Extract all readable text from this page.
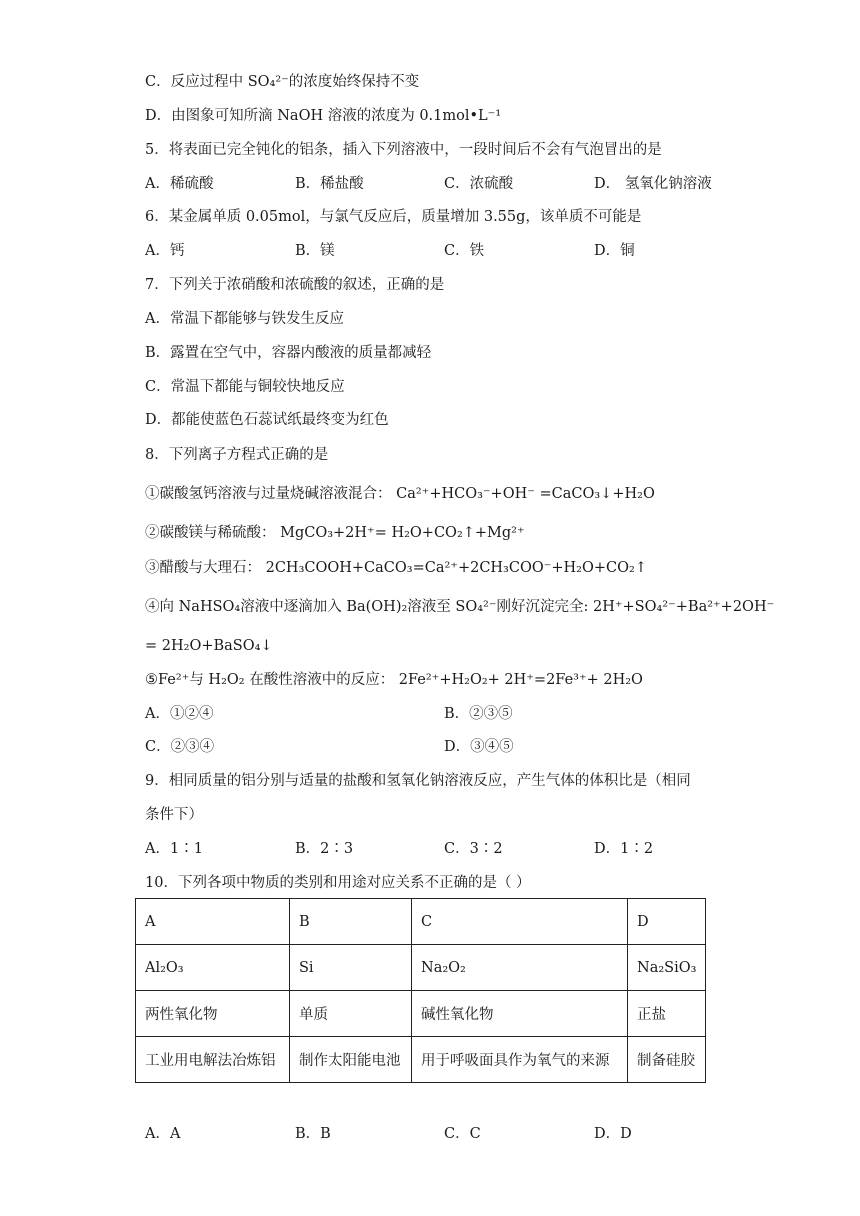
C．反应过程中 SO₄²⁻的浓度始终保持不变
D．由图象可知所滴 NaOH 溶液的浓度为 0.1mol•L⁻¹
5．将表面已完全钝化的铝条，插入下列溶液中，一段时间后不会有气泡冒出的是
A．稀硫酸	B．稀盐酸	C．浓硫酸	D． 氢氧化钠溶液
6．某金属单质 0.05mol，与氯气反应后，质量增加 3.55g，该单质不可能是
A．钙	B．镁	C．铁	D．铜
7．下列关于浓硝酸和浓硫酸的叙述，正确的是
A．常温下都能够与铁发生反应
B．露置在空气中，容器内酸液的质量都减轻
C．常温下都能与铜较快地反应
D．都能使蓝色石蕊试纸最终变为红色
8．下列离子方程式正确的是
①碳酸氢钙溶液与过量烧碱溶液混合： Ca²⁺+HCO₃⁻+OH⁻ =CaCO₃↓+H₂O
②碳酸镁与稀硫酸： MgCO₃+2H⁺= H₂O+CO₂↑+Mg²⁺
③醋酸与大理石： 2CH₃COOH+CaCO₃=Ca²⁺+2CH₃COO⁻+H₂O+CO₂↑
④向 NaHSO₄溶液中逐滴加入 Ba(OH)₂溶液至 SO₄²⁻刚好沉淀完全: 2H⁺+SO₄²⁻+Ba²⁺+2OH⁻
= 2H₂O+BaSO₄↓
⑤Fe²⁺与 H₂O₂ 在酸性溶液中的反应： 2Fe²⁺+H₂O₂+ 2H⁺=2Fe³⁺+ 2H₂O
A．①②④	B．②③⑤
C．②③④	D．③④⑤
9．相同质量的铝分别与适量的盐酸和氢氧化钠溶液反应，产生气体的体积比是（相同
条件下）
A．1∶1	B．2∶3	C．3∶2	D．1∶2
10．下列各项中物质的类别和用途对应关系不正确的是（ ）
A	B	C	D
Al₂O₃	Si	Na₂O₂	Na₂SiO₃
两性氧化物	单质	碱性氧化物	正盐
工业用电解法冶炼铝	制作太阳能电池	用于呼吸面具作为氧气的来源	制备硅胶
A．A	B．B	C．C	D．D
